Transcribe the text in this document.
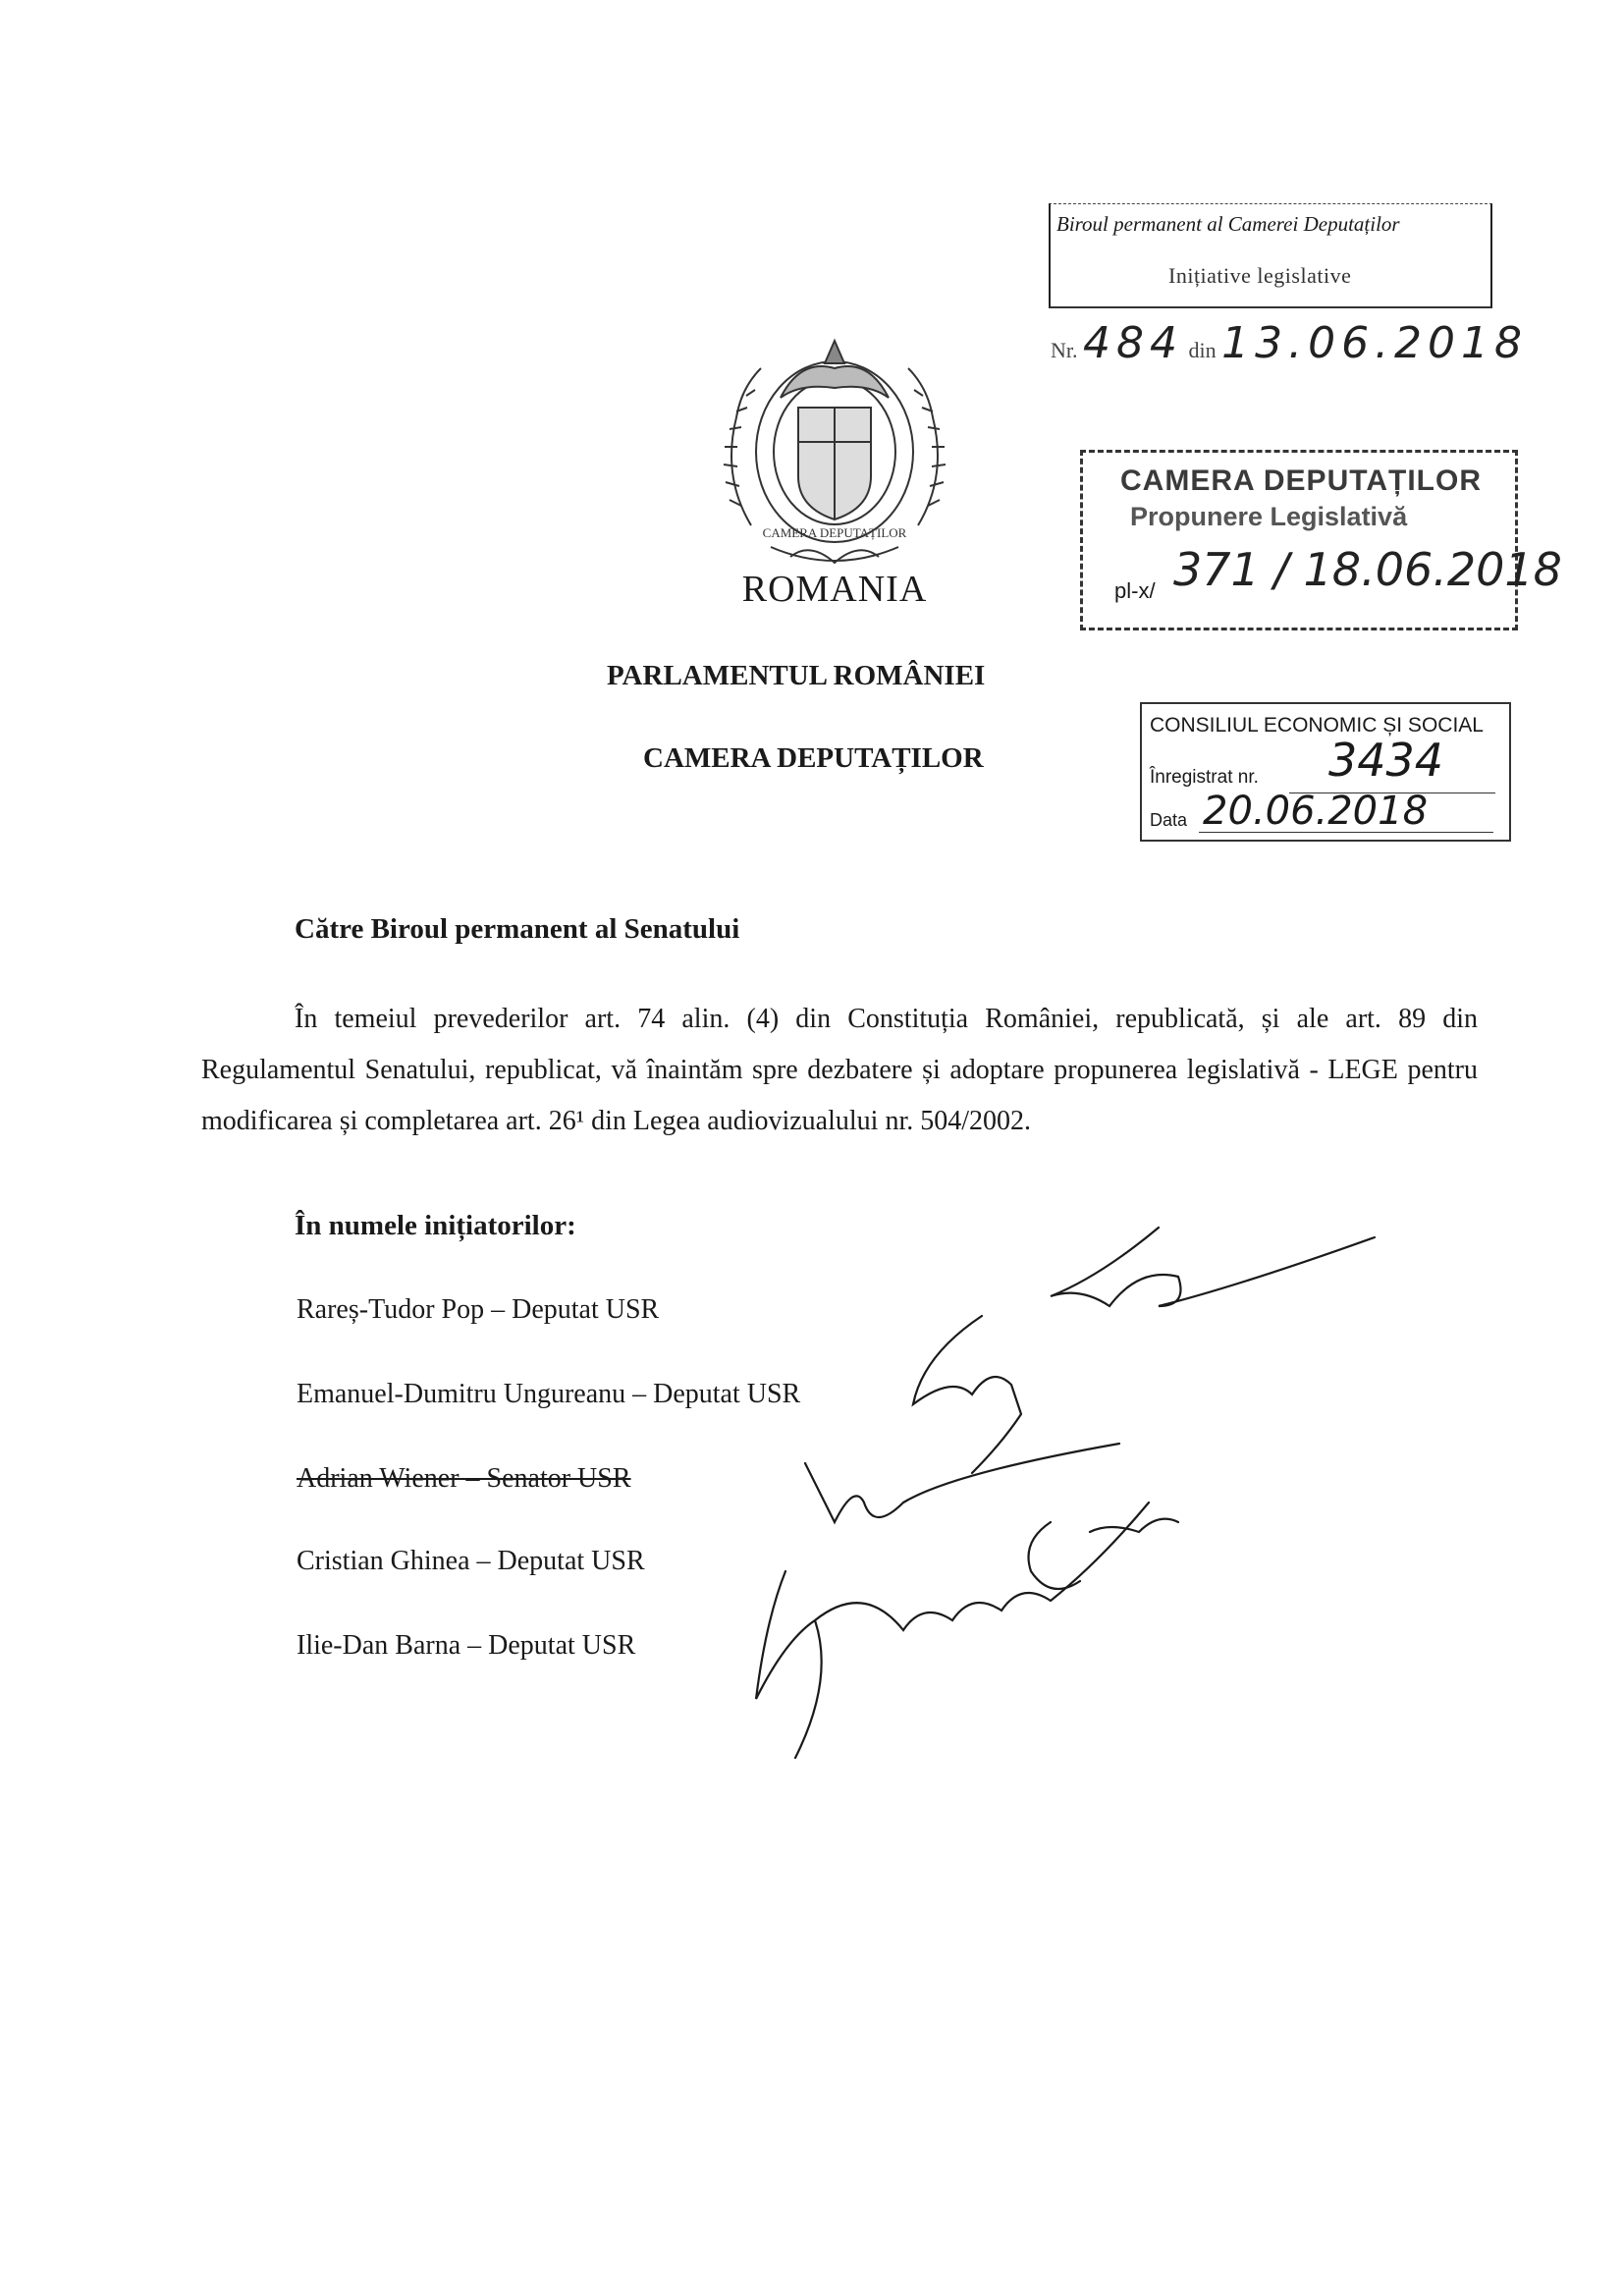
CAMERA DEPUTAȚILOR
ROMANIA
PARLAMENTUL ROMÂNIEI
CAMERA DEPUTAȚILOR
Biroul permanent al Camerei Deputaților
Inițiative legislative
Nr. 484 din 13.06.2018
CAMERA DEPUTAȚILOR
Propunere Legislativă
pl-x/ 371 / 18.06.2018
CONSILIUL ECONOMIC ȘI SOCIAL
Înregistrat nr. 3434
Data 20.06.2018
Către Biroul permanent al Senatului
În temeiul prevederilor art. 74 alin. (4) din Constituția României, republicată, și ale art. 89 din Regulamentul Senatului, republicat, vă înaintăm spre dezbatere și adoptare propunerea legislativă - LEGE pentru modificarea și completarea art. 26¹ din Legea audiovizualului nr. 504/2002.
În numele inițiatorilor:
Rareș-Tudor Pop – Deputat USR
Emanuel-Dumitru Ungureanu – Deputat USR
Adrian Wiener – Senator USR
Cristian Ghinea – Deputat USR
Ilie-Dan Barna – Deputat USR
